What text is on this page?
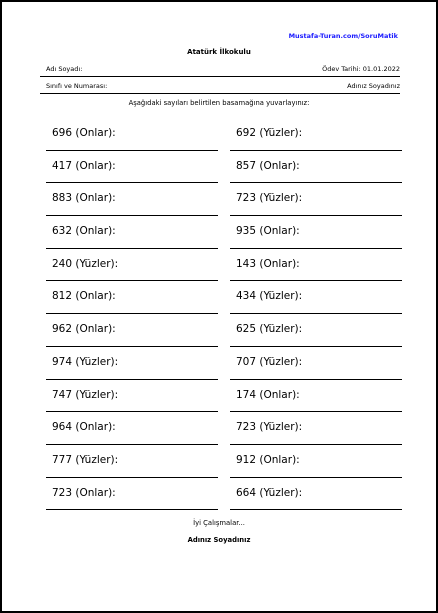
Mustafa-Turan.com/SoruMatik
Atatürk İlkokulu
Adı Soyadı:	Ödev Tarihi: 01.01.2022
Sınıfı ve Numarası:	Adınız Soyadınız
Aşağıdaki sayıları belirtilen basamağına yuvarlayınız:
696 (Onlar):	692 (Yüzler):
417 (Onlar):	857 (Onlar):
883 (Onlar):	723 (Yüzler):
632 (Onlar):	935 (Onlar):
240 (Yüzler):	143 (Onlar):
812 (Onlar):	434 (Yüzler):
962 (Onlar):	625 (Yüzler):
974 (Yüzler):	707 (Yüzler):
747 (Yüzler):	174 (Onlar):
964 (Onlar):	723 (Yüzler):
777 (Yüzler):	912 (Onlar):
723 (Onlar):	664 (Yüzler):
İyi Çalışmalar...
Adınız Soyadınız
